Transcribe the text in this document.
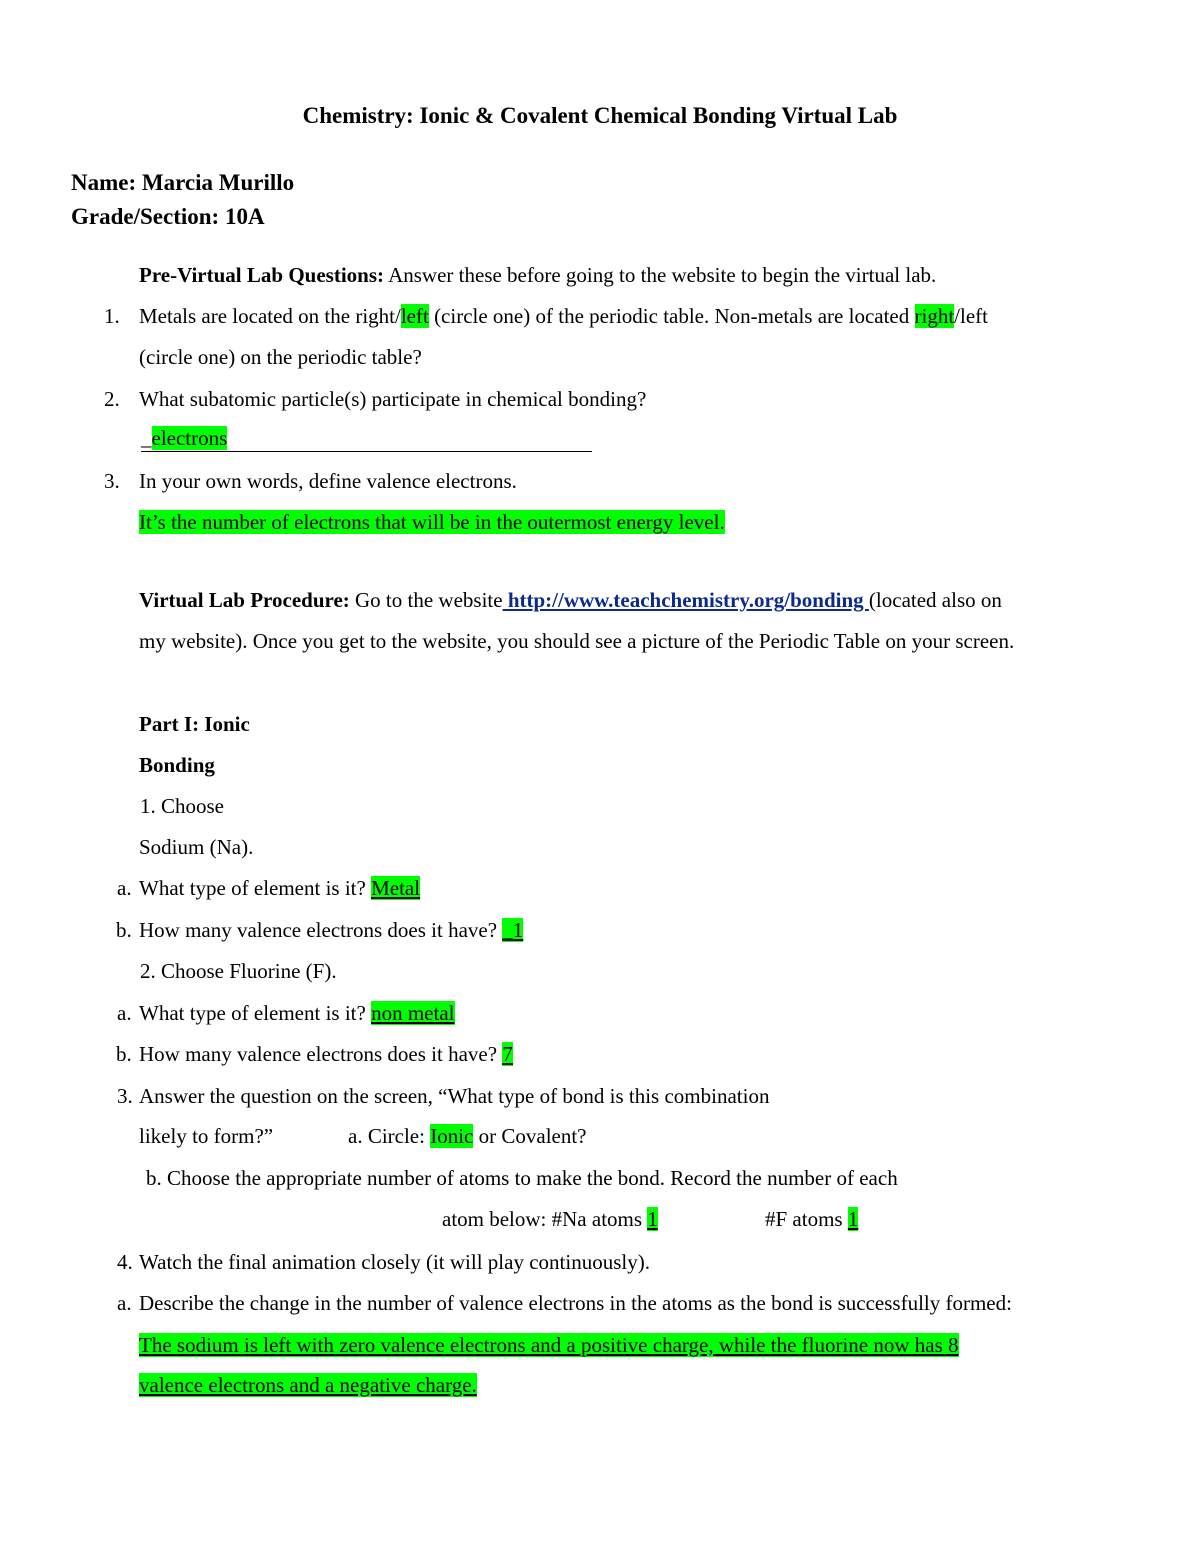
Chemistry: Ionic & Covalent Chemical Bonding Virtual Lab
Name: Marcia Murillo
Grade/Section: 10A
Pre-Virtual Lab Questions: Answer these before going to the website to begin the virtual lab.
1. Metals are located on the right/left (circle one) of the periodic table. Non-metals are located right/left
(circle one) on the periodic table?
2. What subatomic particle(s) participate in chemical bonding?
_electrons
3. In your own words, define valence electrons.
It’s the number of electrons that will be in the outermost energy level.
Virtual Lab Procedure: Go to the website http://www.teachchemistry.org/bonding (located also on
my website). Once you get to the website, you should see a picture of the Periodic Table on your screen.
Part I: Ionic
Bonding
1. Choose
Sodium (Na).
a. What type of element is it? Metal
b. How many valence electrons does it have? _1
2. Choose Fluorine (F).
a. What type of element is it? non metal
b. How many valence electrons does it have? 7
3. Answer the question on the screen, “What type of bond is this combination
likely to form?”	a. Circle: Ionic or Covalent?
b. Choose the appropriate number of atoms to make the bond. Record the number of each
atom below: #Na atoms 1	#F atoms 1
4. Watch the final animation closely (it will play continuously).
a. Describe the change in the number of valence electrons in the atoms as the bond is successfully formed:
The sodium is left with zero valence electrons and a positive charge, while the fluorine now has 8
valence electrons and a negative charge.
